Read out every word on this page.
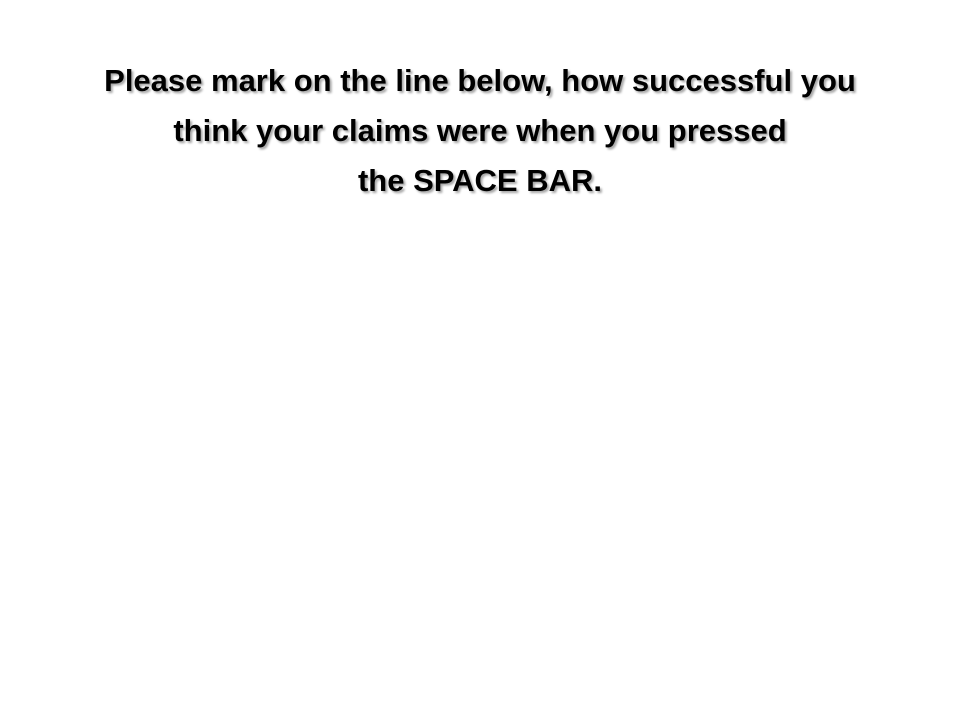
Please mark on the line below, how successful you
think your claims were when you pressed
the SPACE BAR.
